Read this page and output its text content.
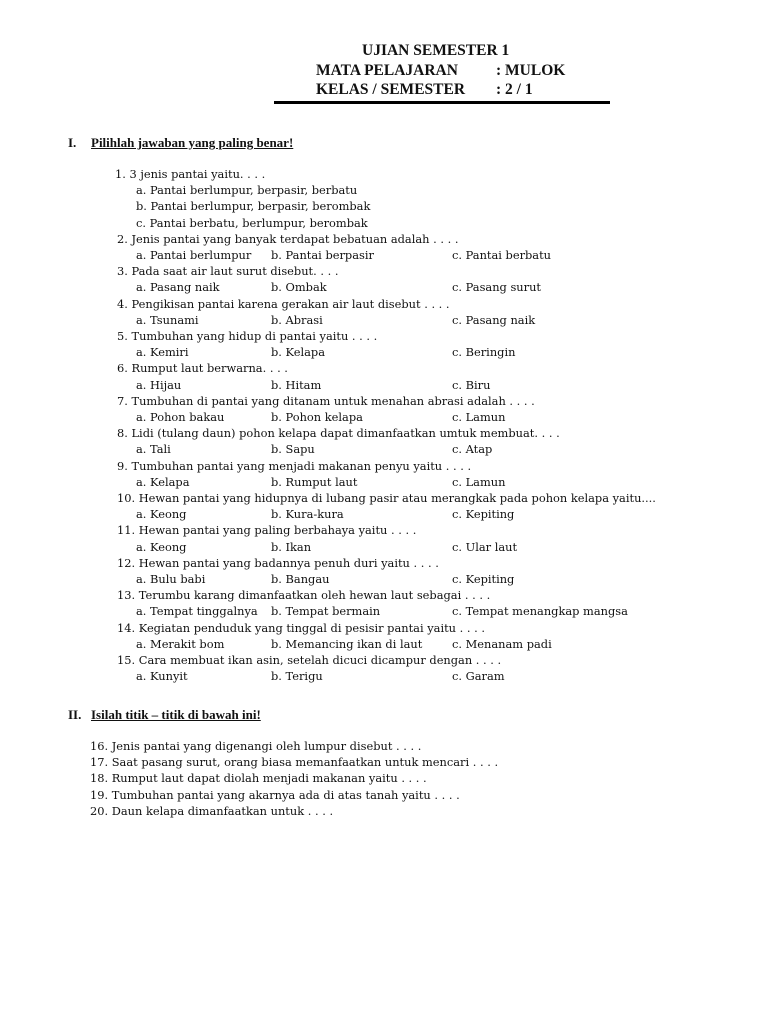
UJIAN SEMESTER 1
MATA PELAJARAN : MULOK
KELAS / SEMESTER : 2 / 1
I. Pilihlah jawaban yang paling benar!
1. 3 jenis pantai yaitu. . . .
a. Pantai berlumpur, berpasir, berbatu
b. Pantai berlumpur, berpasir, berombak
c. Pantai berbatu, berlumpur, berombak
2. Jenis pantai yang banyak terdapat bebatuan adalah . . . .
a. Pantai berlumpur b. Pantai berpasir	c. Pantai berbatu
3. Pada saat air laut surut disebut. . . .
a. Pasang naik	b. Ombak	c. Pasang surut
4. Pengikisan pantai karena gerakan air laut disebut . . . .
a. Tsunami	b. Abrasi	c. Pasang naik
5. Tumbuhan yang hidup di pantai yaitu . . . .
a. Kemiri	b. Kelapa	c. Beringin
6. Rumput laut berwarna. . . .
a. Hijau	b. Hitam	c. Biru
7. Tumbuhan di pantai yang ditanam untuk menahan abrasi adalah . . . .
a. Pohon bakau	b. Pohon kelapa	c. Lamun
8. Lidi (tulang daun) pohon kelapa dapat dimanfaatkan umtuk membuat. . . .
a. Tali	b. Sapu	c. Atap
9. Tumbuhan pantai yang menjadi makanan penyu yaitu . . . .
a. Kelapa	b. Rumput laut	c. Lamun
10. Hewan pantai yang hidupnya di lubang pasir atau merangkak pada pohon kelapa yaitu....
a. Keong	b. Kura-kura	c. Kepiting
11. Hewan pantai yang paling berbahaya yaitu . . . .
a. Keong	b. Ikan	c. Ular laut
12. Hewan pantai yang badannya penuh duri yaitu . . . .
a. Bulu babi	b. Bangau	c. Kepiting
13. Terumbu karang dimanfaatkan oleh hewan laut sebagai . . . .
a. Tempat tinggalnya b. Tempat bermain	c. Tempat menangkap mangsa
14. Kegiatan penduduk yang tinggal di pesisir pantai yaitu . . . .
a. Merakit bom	b. Memancing ikan di laut	c. Menanam padi
15. Cara membuat ikan asin, setelah dicuci dicampur dengan . . . .
a. Kunyit	b. Terigu	c. Garam
II. Isilah titik – titik di bawah ini!
16. Jenis pantai yang digenangi oleh lumpur disebut . . . .
17. Saat pasang surut, orang biasa memanfaatkan untuk mencari . . . .
18. Rumput laut dapat diolah menjadi makanan yaitu . . . .
19. Tumbuhan pantai yang akarnya ada di atas tanah yaitu . . . .
20. Daun kelapa dimanfaatkan untuk . . . .
